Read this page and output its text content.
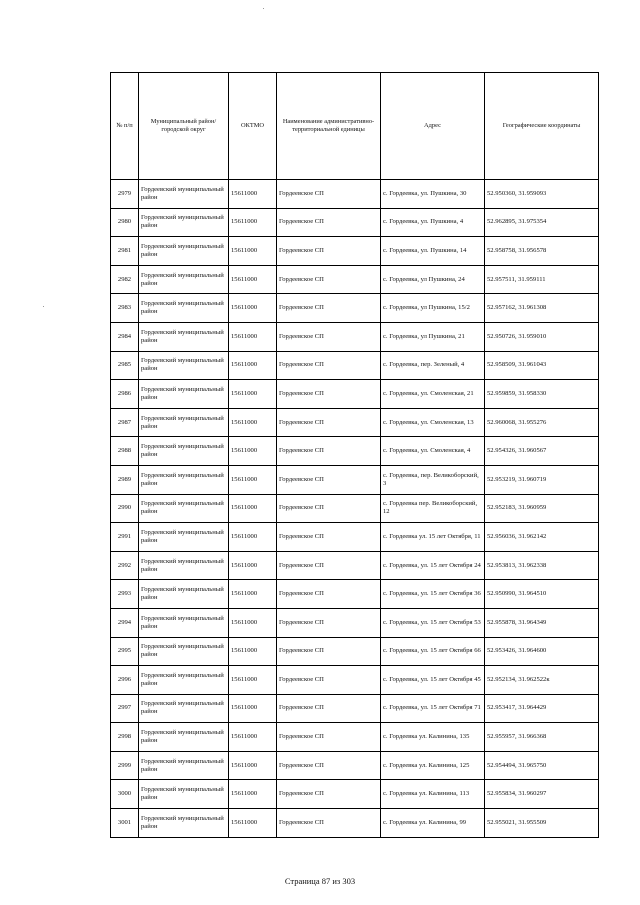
№ п/п	Муниципальный район/городской округ	ОКТМО	Наименование административно-территориальной единицы	Адрес	Географические координаты
2979	Гордеевский муниципальный район	15611000	Гордеевское СП	с. Гордеевка, ул. Пушкина, 30	52.950360, 31.959093
2980	Гордеевский муниципальный район	15611000	Гордеевское СП	с. Гордеевка, ул. Пушкина, 4	52.962895, 31.975354
2981	Гордеевский муниципальный район	15611000	Гордеевское СП	с. Гордеевка, ул. Пушкина, 14	52.958758, 31.956578
2982	Гордеевский муниципальный район	15611000	Гордеевское СП	с. Гордеевка, ул Пушкина, 24	52.957511, 31.959111
2983	Гордеевский муниципальный район	15611000	Гордеевское СП	с. Гордеевка, ул Пушкина, 15/2	52.957162, 31.961308
2984	Гордеевский муниципальный район	15611000	Гордеевское СП	с. Гордеевка, ул Пушкина, 21	52.950726, 31.959010
2985	Гордеевский муниципальный район	15611000	Гордеевское СП	с. Гордеевка, пер. Зеленый, 4	52.958509, 31.961043
2986	Гордеевский муниципальный район	15611000	Гордеевское СП	с. Гордеевка, ул. Смоленская, 21	52.959859, 31.958330
2987	Гордеевский муниципальный район	15611000	Гордеевское СП	с. Гордеевка, ул. Смоленская, 13	52.960068, 31.955276
2988	Гордеевский муниципальный район	15611000	Гордеевское СП	с. Гордеевка, ул. Смоленская, 4	52.954326, 31.960567
2989	Гордеевский муниципальный район	15611000	Гордеевское СП	с. Гордеевка, пер. Великоборский, 3	52.953219, 31.960719
2990	Гордеевский муниципальный район	15611000	Гордеевское СП	с. Гордеевка пер. Великоборский, 12	52.952183, 31.960959
2991	Гордеевский муниципальный район	15611000	Гордеевское СП	с. Гордеевка ул. 15 лет Октября, 11	52.956036, 31.962142
2992	Гордеевский муниципальный район	15611000	Гордеевское СП	с. Гордеевка, ул. 15 лет Октября 24	52.953813, 31.962338
2993	Гордеевский муниципальный район	15611000	Гордеевское СП	с. Гордеевка, ул. 15 лет Октября 36	52.950990, 31.964510
2994	Гордеевский муниципальный район	15611000	Гордеевское СП	с. Гордеевка, ул. 15 лет Октября 53	52.955878, 31.964349
2995	Гордеевский муниципальный район	15611000	Гордеевское СП	с. Гордеевка, ул. 15 лет Октября 66	52.953426, 31.964600
2996	Гордеевский муниципальный район	15611000	Гордеевское СП	с. Гордеевка, ул. 15 лет Октября 45	52.952134, 31.962522к
2997	Гордеевский муниципальный район	15611000	Гордеевское СП	с. Гордеевка, ул. 15 лет Октября 71	52.953417, 31.964429
2998	Гордеевский муниципальный район	15611000	Гордеевское СП	с. Гордеевка ул. Калинина, 135	52.955957, 31.966368
2999	Гордеевский муниципальный район	15611000	Гордеевское СП	с. Гордеевка ул. Калинина, 125	52.954494, 31.965750
3000	Гордеевский муниципальный район	15611000	Гордеевское СП	с. Гордеевка ул. Калинина, 113	52.955834, 31.960297
3001	Гордеевский муниципальный район	15611000	Гордеевское СП	с. Гордеевка ул. Калинина, 99	52.955021, 31.955509
Страница 87 из 303
